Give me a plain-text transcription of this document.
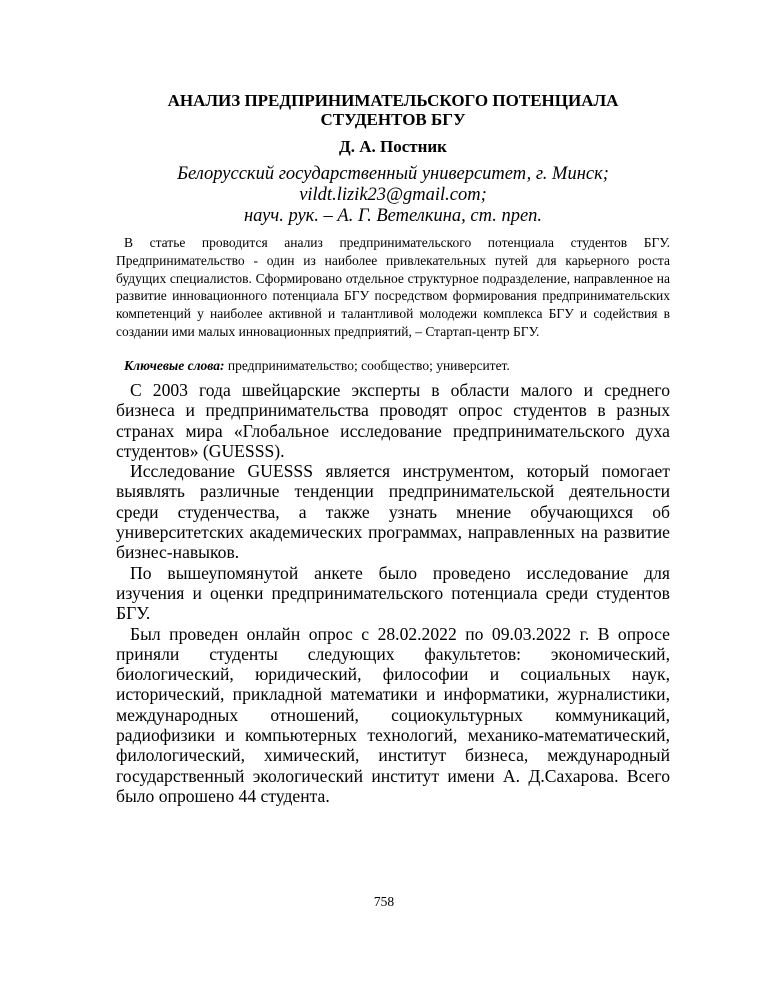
АНАЛИЗ ПРЕДПРИНИМАТЕЛЬСКОГО ПОТЕНЦИАЛА
СТУДЕНТОВ БГУ
Д. А. Постник
Белорусский государственный университет, г. Минск;
vildt.lizik23@gmail.com;
науч. рук. – А. Г. Ветелкина, ст. преп.
В статье проводится анализ предпринимательского потенциала студентов БГУ. Предпринимательство - один из наиболее привлекательных путей для карьерного роста будущих специалистов. Сформировано отдельное структурное подразделение, направленное на развитие инновационного потенциала БГУ посредством формирования предпринимательских компетенций у наиболее активной и талантливой молодежи комплекса БГУ и содействия в создании ими малых инновационных предприятий, – Стартап-центр БГУ.
Ключевые слова: предпринимательство; сообщество; университет.

С 2003 года швейцарские эксперты в области малого и среднего бизнеса и предпринимательства проводят опрос студентов в разных странах мира «Глобальное исследование предпринимательского духа студентов» (GUESSS).

Исследование GUESSS является инструментом, который помогает выявлять различные тенденции предпринимательской деятельности среди студенчества, а также узнать мнение обучающихся об университетских академических программах, направленных на развитие бизнес-навыков.

По вышеупомянутой анкете было проведено исследование для изучения и оценки предпринимательского потенциала среди студентов БГУ.

Был проведен онлайн опрос с 28.02.2022 по 09.03.2022 г. В опросе приняли студенты следующих факультетов: экономический, биологический, юридический, философии и социальных наук, исторический, прикладной математики и информатики, журналистики, международных отношений, социокультурных коммуникаций, радиофизики и компьютерных технологий, механико-математический, филологический, химический, институт бизнеса, международный государственный экологический институт имени А. Д.Сахарова. Всего было опрошено 44 студента.

758
